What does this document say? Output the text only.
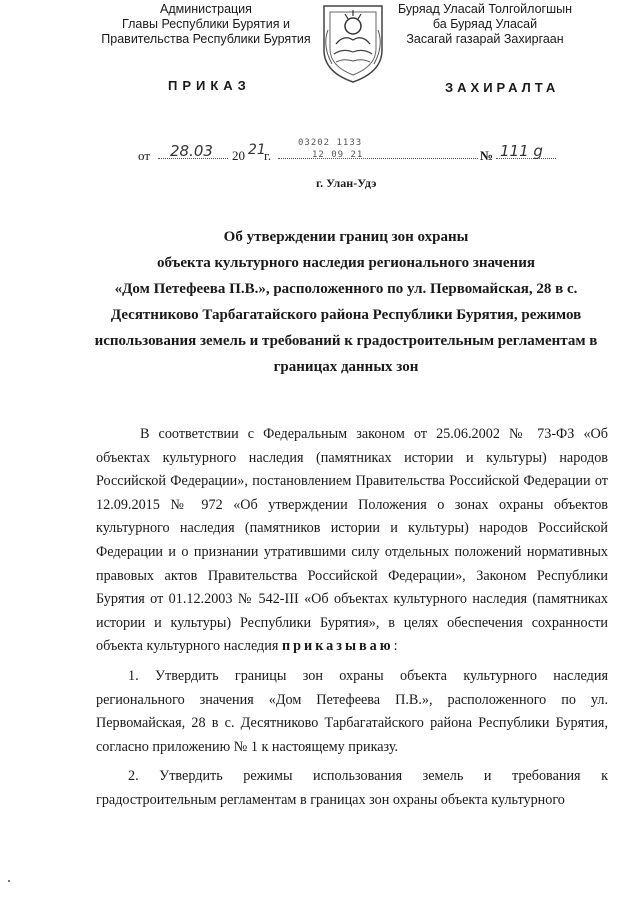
Администрация
Главы Республики Бурятия и
Правительства Республики Бурятия
Буряад Уласай Толгойлогшын
ба Буряад Уласай
Засагай газарай Захиргаан
ПРИКАЗ	ЗАХИРАЛТА
от 28.03 20 21
г.
03202 1133
12 09 21	№ 111 g
г. Улан-Удэ
Об утверждении границ зон охраны
объекта культурного наследия регионального значения
«Дом Петефеева П.В.», расположенного по ул. Первомайская, 28 в с.
Десятниково Тарбагатайского района Республики Бурятия, режимов
использования земель и требований к градостроительным регламентам в
границах данных зон

В соответствии с Федеральным законом от 25.06.2002 № 73-ФЗ «Об объектах культурного наследия (памятниках истории и культуры) народов Российской Федерации», постановлением Правительства Российской Федерации от 12.09.2015 № 972 «Об утверждении Положения о зонах охраны объектов культурного наследия (памятников истории и культуры) народов Российской Федерации и о признании утратившими силу отдельных положений нормативных правовых актов Правительства Российской Федерации», Законом Республики Бурятия от 01.12.2003 № 542-III «Об объектах культурного наследия (памятниках истории и культуры) Республики Бурятия», в целях обеспечения сохранности объекта культурного наследия приказываю:

1. Утвердить границы зон охраны объекта культурного наследия регионального значения «Дом Петефеева П.В.», расположенного по ул. Первомайская, 28 в с. Десятниково Тарбагатайского района Республики Бурятия, согласно приложению № 1 к настоящему приказу.

2. Утвердить режимы использования земель и требования к градостроительным регламентам в границах зон охраны объекта культурного
